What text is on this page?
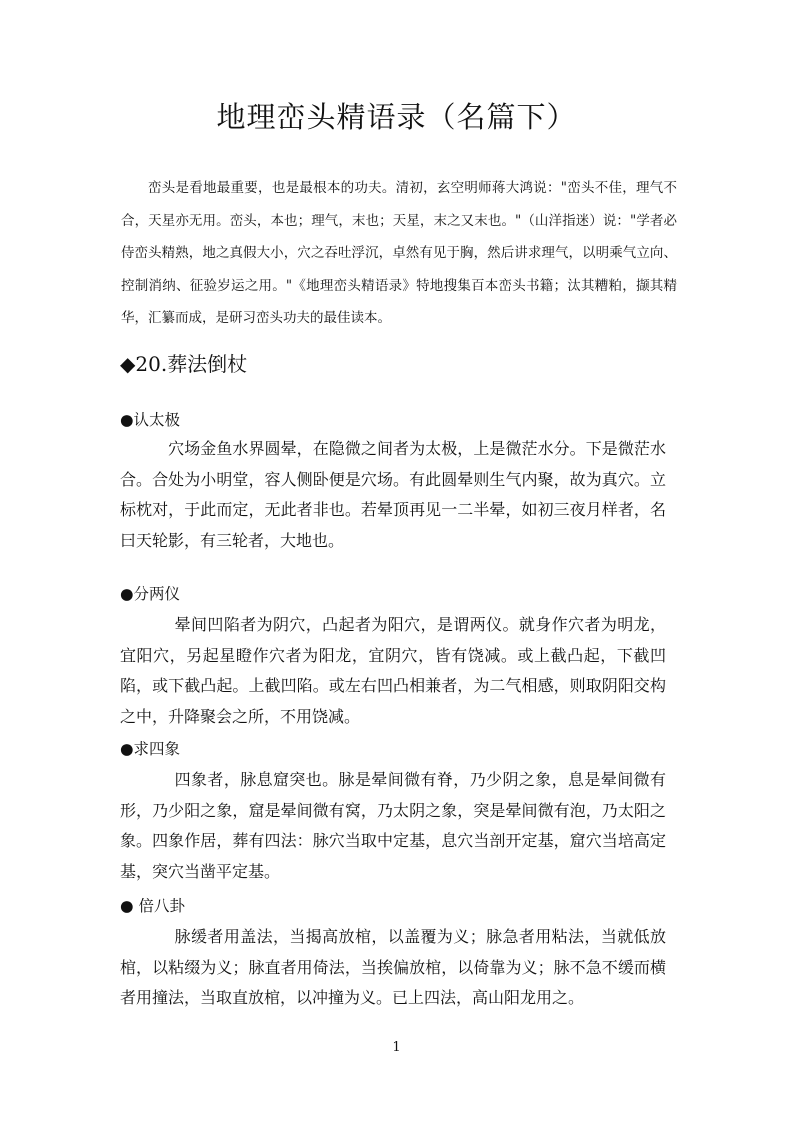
地理峦头精语录（名篇下）
峦头是看地最重要，也是最根本的功夫。清初，玄空明师蒋大鸿说："峦头不佳，理气不合，天星亦无用。峦头，本也；理气，末也；天星，末之又末也。"（山洋指迷）说："学者必侍峦头精熟，地之真假大小，穴之吞吐浮沉，卓然有见于胸，然后讲求理气，以明乘气立向、控制消纳、征验岁运之用。"《地理峦头精语录》特地搜集百本峦头书籍；汰其糟粕，撷其精华，汇纂而成，是研习峦头功夫的最佳读本。
◆20.葬法倒杖
●认太极
　　　穴场金鱼水界圆晕，在隐微之间者为太极，上是微茫水分。下是微茫水合。合处为小明堂，容人侧卧便是穴场。有此圆晕则生气内聚，故为真穴。立标枕对，于此而定，无此者非也。若晕顶再见一二半晕，如初三夜月样者，名曰天轮影，有三轮者，大地也。
●分两仪
　　　 晕间凹陷者为阴穴，凸起者为阳穴，是谓两仪。就身作穴者为明龙，宜阳穴，另起星瞪作穴者为阳龙，宜阴穴，皆有饶减。或上截凸起，下截凹陷，或下截凸起。上截凹陷。或左右凹凸相兼者，为二气相感，则取阴阳交构之中，升降聚会之所，不用饶减。
●求四象
　　　 四象者，脉息窟突也。脉是晕间微有脊，乃少阴之象，息是晕间微有形，乃少阳之象，窟是晕间微有窝，乃太阴之象，突是晕间微有泡，乃太阳之象。四象作居，葬有四法：脉穴当取中定基，息穴当剖开定基，窟穴当培高定基，突穴当凿平定基。
● 倍八卦
　　　 脉缓者用盖法，当揭高放棺，以盖覆为义；脉急者用粘法，当就低放棺，以粘缀为义；脉直者用倚法，当挨偏放棺，以倚靠为义；脉不急不缓而横者用撞法，当取直放棺，以冲撞为义。已上四法，高山阳龙用之。
1
